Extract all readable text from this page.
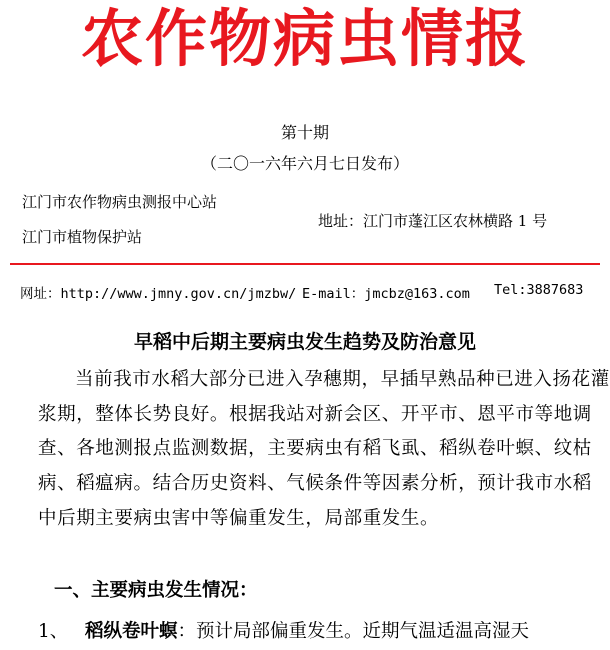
农作物病虫情报
第十期
（二〇一六年六月七日发布）
江门市农作物病虫测报中心站
江门市植物保护站
地址：江门市蓬江区农林横路 1 号
网址：http://www.jmny.gov.cn/jmzbw/ E-mail：jmcbz@163.com Tel:3887683
早稻中后期主要病虫发生趋势及防治意见

当前我市水稻大部分已进入孕穗期，早插早熟品种已进入扬花灌浆期，整体长势良好。根据我站对新会区、开平市、恩平市等地调查、各地测报点监测数据，主要病虫有稻飞虱、稻纵卷叶螟、纹枯病、稻瘟病。结合历史资料、气候条件等因素分析，预计我市水稻中后期主要病虫害中等偏重发生，局部重发生。

一、主要病虫发生情况：
1、 稻纵卷叶螟：预计局部偏重发生。近期气温适温高湿天
